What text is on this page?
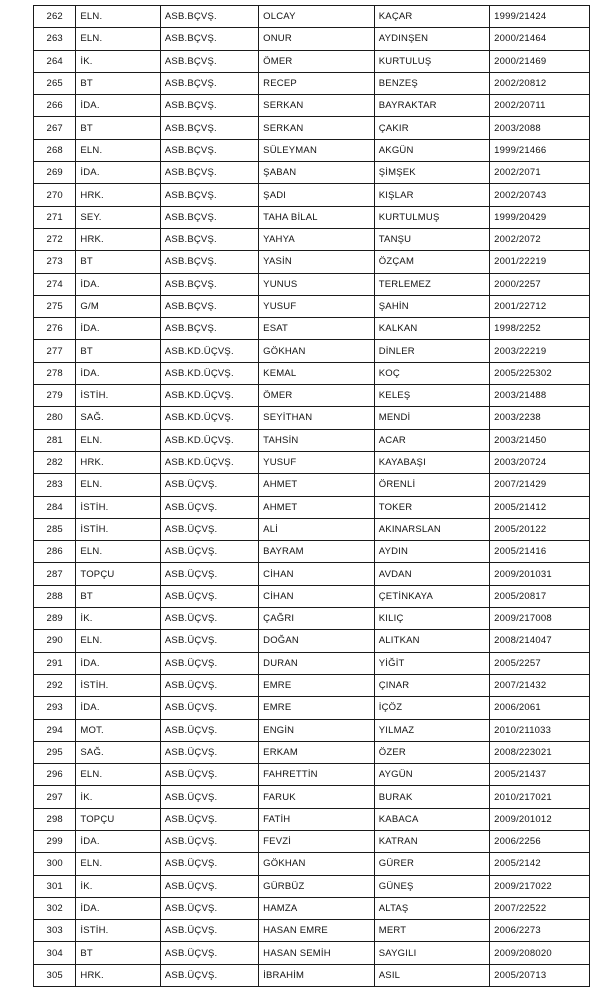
262	ELN.	ASB.BÇVŞ.	OLCAY	KAÇAR	1999/21424
263	ELN.	ASB.BÇVŞ.	ONUR	AYDINŞEN	2000/21464
264	İK.	ASB.BÇVŞ.	ÖMER	KURTULUŞ	2000/21469
265	BT	ASB.BÇVŞ.	RECEP	BENZEŞ	2002/20812
266	İDA.	ASB.BÇVŞ.	SERKAN	BAYRAKTAR	2002/20711
267	BT	ASB.BÇVŞ.	SERKAN	ÇAKIR	2003/2088
268	ELN.	ASB.BÇVŞ.	SÜLEYMAN	AKGÜN	1999/21466
269	İDA.	ASB.BÇVŞ.	ŞABAN	ŞİMŞEK	2002/2071
270	HRK.	ASB.BÇVŞ.	ŞADI	KIŞLAR	2002/20743
271	SEY.	ASB.BÇVŞ.	TAHA BİLAL	KURTULMUŞ	1999/20429
272	HRK.	ASB.BÇVŞ.	YAHYA	TANŞU	2002/2072
273	BT	ASB.BÇVŞ.	YASİN	ÖZÇAM	2001/22219
274	İDA.	ASB.BÇVŞ.	YUNUS	TERLEMEZ	2000/2257
275	G/M	ASB.BÇVŞ.	YUSUF	ŞAHİN	2001/22712
276	İDA.	ASB.BÇVŞ.	ESAT	KALKAN	1998/2252
277	BT	ASB.KD.ÜÇVŞ.	GÖKHAN	DİNLER	2003/22219
278	İDA.	ASB.KD.ÜÇVŞ.	KEMAL	KOÇ	2005/225302
279	İSTİH.	ASB.KD.ÜÇVŞ.	ÖMER	KELEŞ	2003/21488
280	SAĞ.	ASB.KD.ÜÇVŞ.	SEYİTHAN	MENDİ	2003/2238
281	ELN.	ASB.KD.ÜÇVŞ.	TAHSİN	ACAR	2003/21450
282	HRK.	ASB.KD.ÜÇVŞ.	YUSUF	KAYABAŞI	2003/20724
283	ELN.	ASB.ÜÇVŞ.	AHMET	ÖRENLİ	2007/21429
284	İSTİH.	ASB.ÜÇVŞ.	AHMET	TOKER	2005/21412
285	İSTİH.	ASB.ÜÇVŞ.	ALİ	AKINARSLAN	2005/20122
286	ELN.	ASB.ÜÇVŞ.	BAYRAM	AYDIN	2005/21416
287	TOPÇU	ASB.ÜÇVŞ.	CİHAN	AVDAN	2009/201031
288	BT	ASB.ÜÇVŞ.	CİHAN	ÇETİNKAYA	2005/20817
289	İK.	ASB.ÜÇVŞ.	ÇAĞRI	KILIÇ	2009/217008
290	ELN.	ASB.ÜÇVŞ.	DOĞAN	ALITKAN	2008/214047
291	İDA.	ASB.ÜÇVŞ.	DURAN	YİĞİT	2005/2257
292	İSTİH.	ASB.ÜÇVŞ.	EMRE	ÇINAR	2007/21432
293	İDA.	ASB.ÜÇVŞ.	EMRE	İÇÖZ	2006/2061
294	MOT.	ASB.ÜÇVŞ.	ENGİN	YILMAZ	2010/211033
295	SAĞ.	ASB.ÜÇVŞ.	ERKAM	ÖZER	2008/223021
296	ELN.	ASB.ÜÇVŞ.	FAHRETTİN	AYGÜN	2005/21437
297	İK.	ASB.ÜÇVŞ.	FARUK	BURAK	2010/217021
298	TOPÇU	ASB.ÜÇVŞ.	FATİH	KABACA	2009/201012
299	İDA.	ASB.ÜÇVŞ.	FEVZİ	KATRAN	2006/2256
300	ELN.	ASB.ÜÇVŞ.	GÖKHAN	GÜRER	2005/2142
301	İK.	ASB.ÜÇVŞ.	GÜRBÜZ	GÜNEŞ	2009/217022
302	İDA.	ASB.ÜÇVŞ.	HAMZA	ALTAŞ	2007/22522
303	İSTİH.	ASB.ÜÇVŞ.	HASAN EMRE	MERT	2006/2273
304	BT	ASB.ÜÇVŞ.	HASAN SEMİH	SAYGILI	2009/208020
305	HRK.	ASB.ÜÇVŞ.	İBRAHİM	ASIL	2005/20713
